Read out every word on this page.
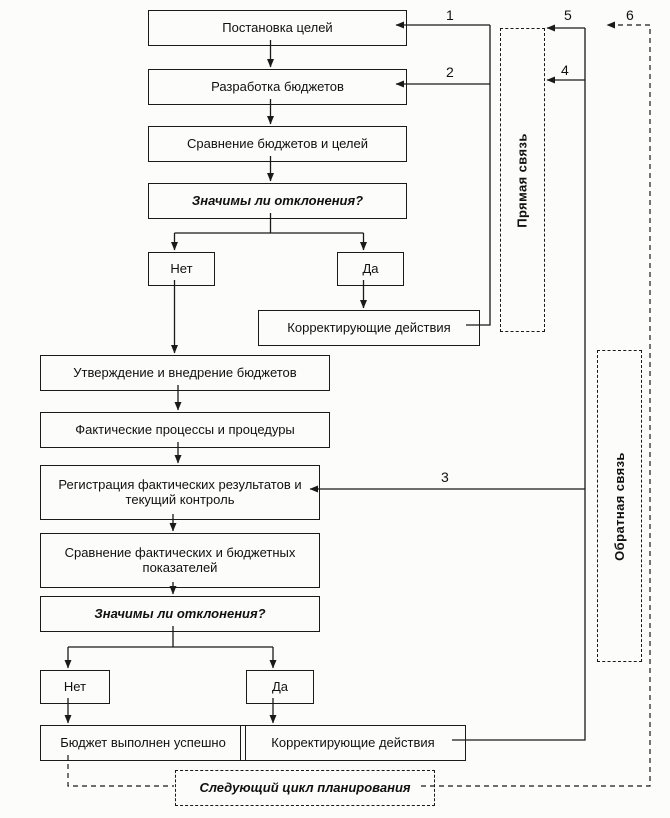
Постановка целей
Разработка бюджетов
Сравнение бюджетов и целей
Значимы ли отклонения?
Нет	Да
Корректирующие действия
Утверждение и внедрение бюджетов
Фактические процессы и процедуры
Регистрация фактических результатов и текущий контроль
Сравнение фактических и бюджетных показателей
Значимы ли отклонения?
Нет	Да
Бюджет выполнен успешно	Корректирующие действия
Следующий цикл планирования
Прямая связь
Обратная связь
1
2
3
4
5	6
